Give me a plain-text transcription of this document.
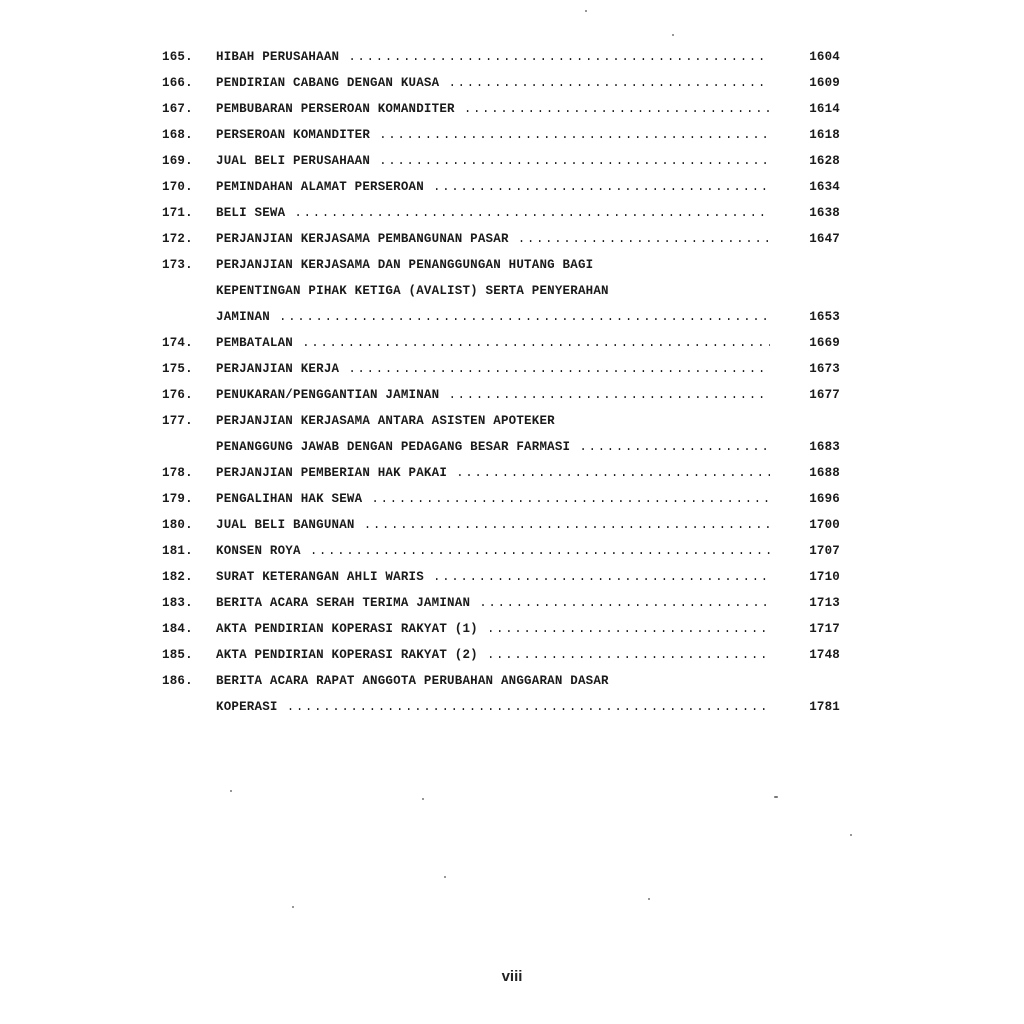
165.	HIBAH PERUSAHAAN .....	1604
166.	PENDIRIAN CABANG DENGAN KUASA .....	1609
167.	PEMBUBARAN PERSEROAN KOMANDITER .....	1614
168.	PERSEROAN KOMANDITER .....	1618
169.	JUAL BELI PERUSAHAAN .....	1628
170.	PEMINDAHAN ALAMAT PERSEROAN .....	1634
171.	BELI SEWA .....	1638
172.	PERJANJIAN KERJASAMA PEMBANGUNAN PASAR .....	1647
173.	PERJANJIAN KERJASAMA DAN PENANGGUNGAN HUTANG BAGI
KEPENTINGAN PIHAK KETIGA (AVALIST) SERTA PENYERAHAN
JAMINAN .....	1653
174.	PEMBATALAN .....	1669
175.	PERJANJIAN KERJA .....	1673
176.	PENUKARAN/PENGGANTIAN JAMINAN .....	1677
177.	PERJANJIAN KERJASAMA ANTARA ASISTEN APOTEKER
PENANGGUNG JAWAB DENGAN PEDAGANG BESAR FARMASI .....	1683
178.	PERJANJIAN PEMBERIAN HAK PAKAI .....	1688
179.	PENGALIHAN HAK SEWA .....	1696
180.	JUAL BELI BANGUNAN .....	1700
181.	KONSEN ROYA .....	1707
182.	SURAT KETERANGAN AHLI WARIS .....	1710
183.	BERITA ACARA SERAH TERIMA JAMINAN .....	1713
184.	AKTA PENDIRIAN KOPERASI RAKYAT (1) .....	1717
185.	AKTA PENDIRIAN KOPERASI RAKYAT (2) .....	1748
186.	BERITA ACARA RAPAT ANGGOTA PERUBAHAN ANGGARAN DASAR
KOPERASI .....	1781
viii
